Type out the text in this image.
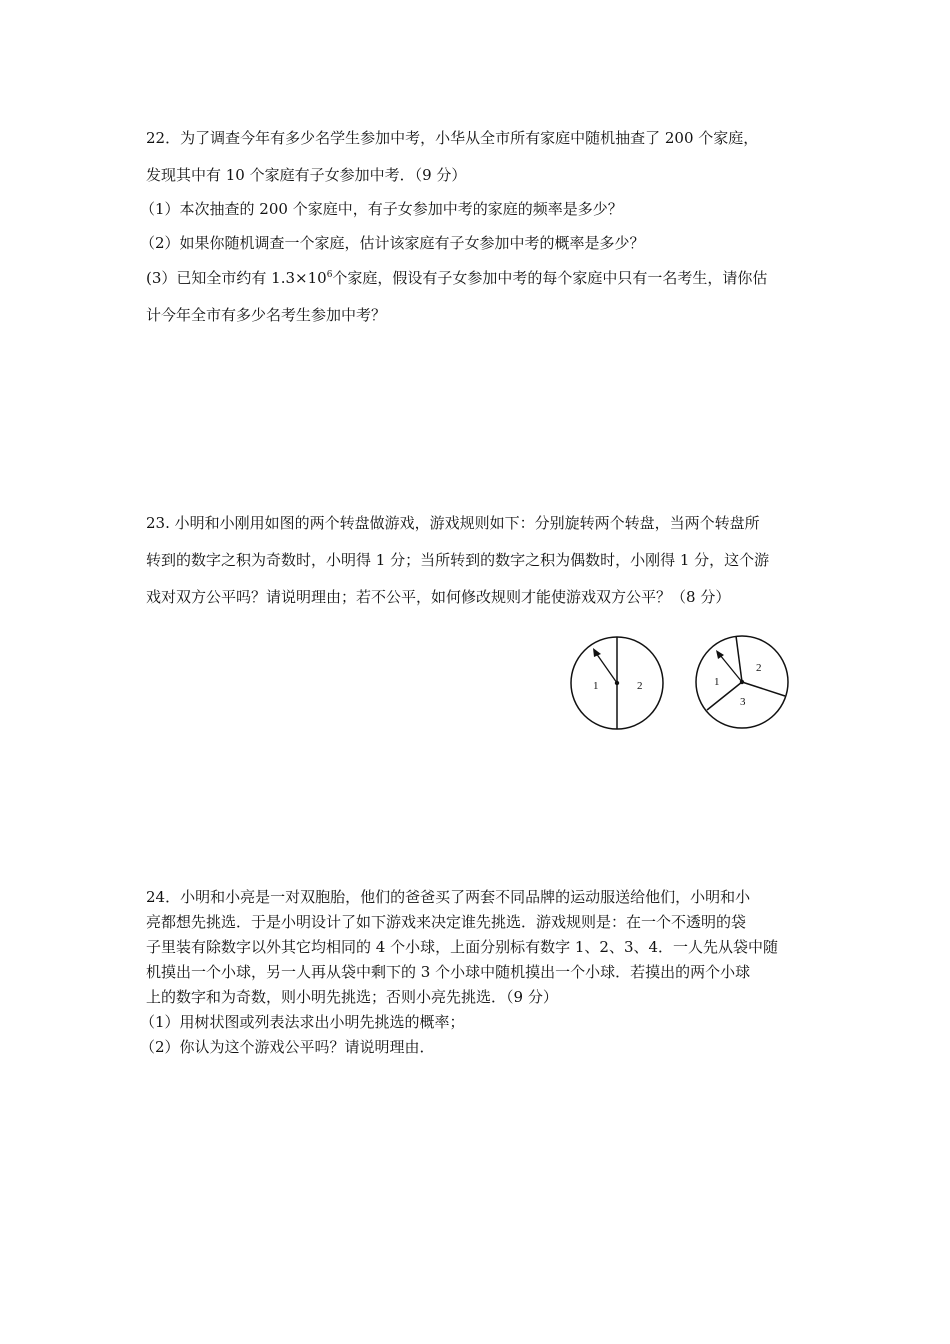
22．为了调查今年有多少名学生参加中考，小华从全市所有家庭中随机抽查了 200 个家庭，
发现其中有 10 个家庭有子女参加中考．（9 分）
（1）本次抽查的 200 个家庭中，有子女参加中考的家庭的频率是多少？
（2）如果你随机调查一个家庭，估计该家庭有子女参加中考的概率是多少？
(3）已知全市约有 $1.3\times 10^6$个家庭，假设有子女参加中考的每个家庭中只有一名考生，请你估
计今年全市有多少名考生参加中考？
23. 小明和小刚用如图的两个转盘做游戏，游戏规则如下：分别旋转两个转盘，当两个转盘所
转到的数字之积为奇数时，小明得 1 分；当所转到的数字之积为偶数时，小刚得 1 分，这个游
戏对双方公平吗？请说明理由；若不公平，如何修改规则才能使游戏双方公平？（8 分）
1	2	1
2
3
24．小明和小亮是一对双胞胎，他们的爸爸买了两套不同品牌的运动服送给他们，小明和小
亮都想先挑选．于是小明设计了如下游戏来决定谁先挑选．游戏规则是：在一个不透明的袋
子里装有除数字以外其它均相同的 4 个小球，上面分别标有数字 1、2、3、4．一人先从袋中随
机摸出一个小球，另一人再从袋中剩下的 3 个小球中随机摸出一个小球．若摸出的两个小球
上的数字和为奇数，则小明先挑选；否则小亮先挑选．（9 分）
（1）用树状图或列表法求出小明先挑选的概率；
（2）你认为这个游戏公平吗？请说明理由．
